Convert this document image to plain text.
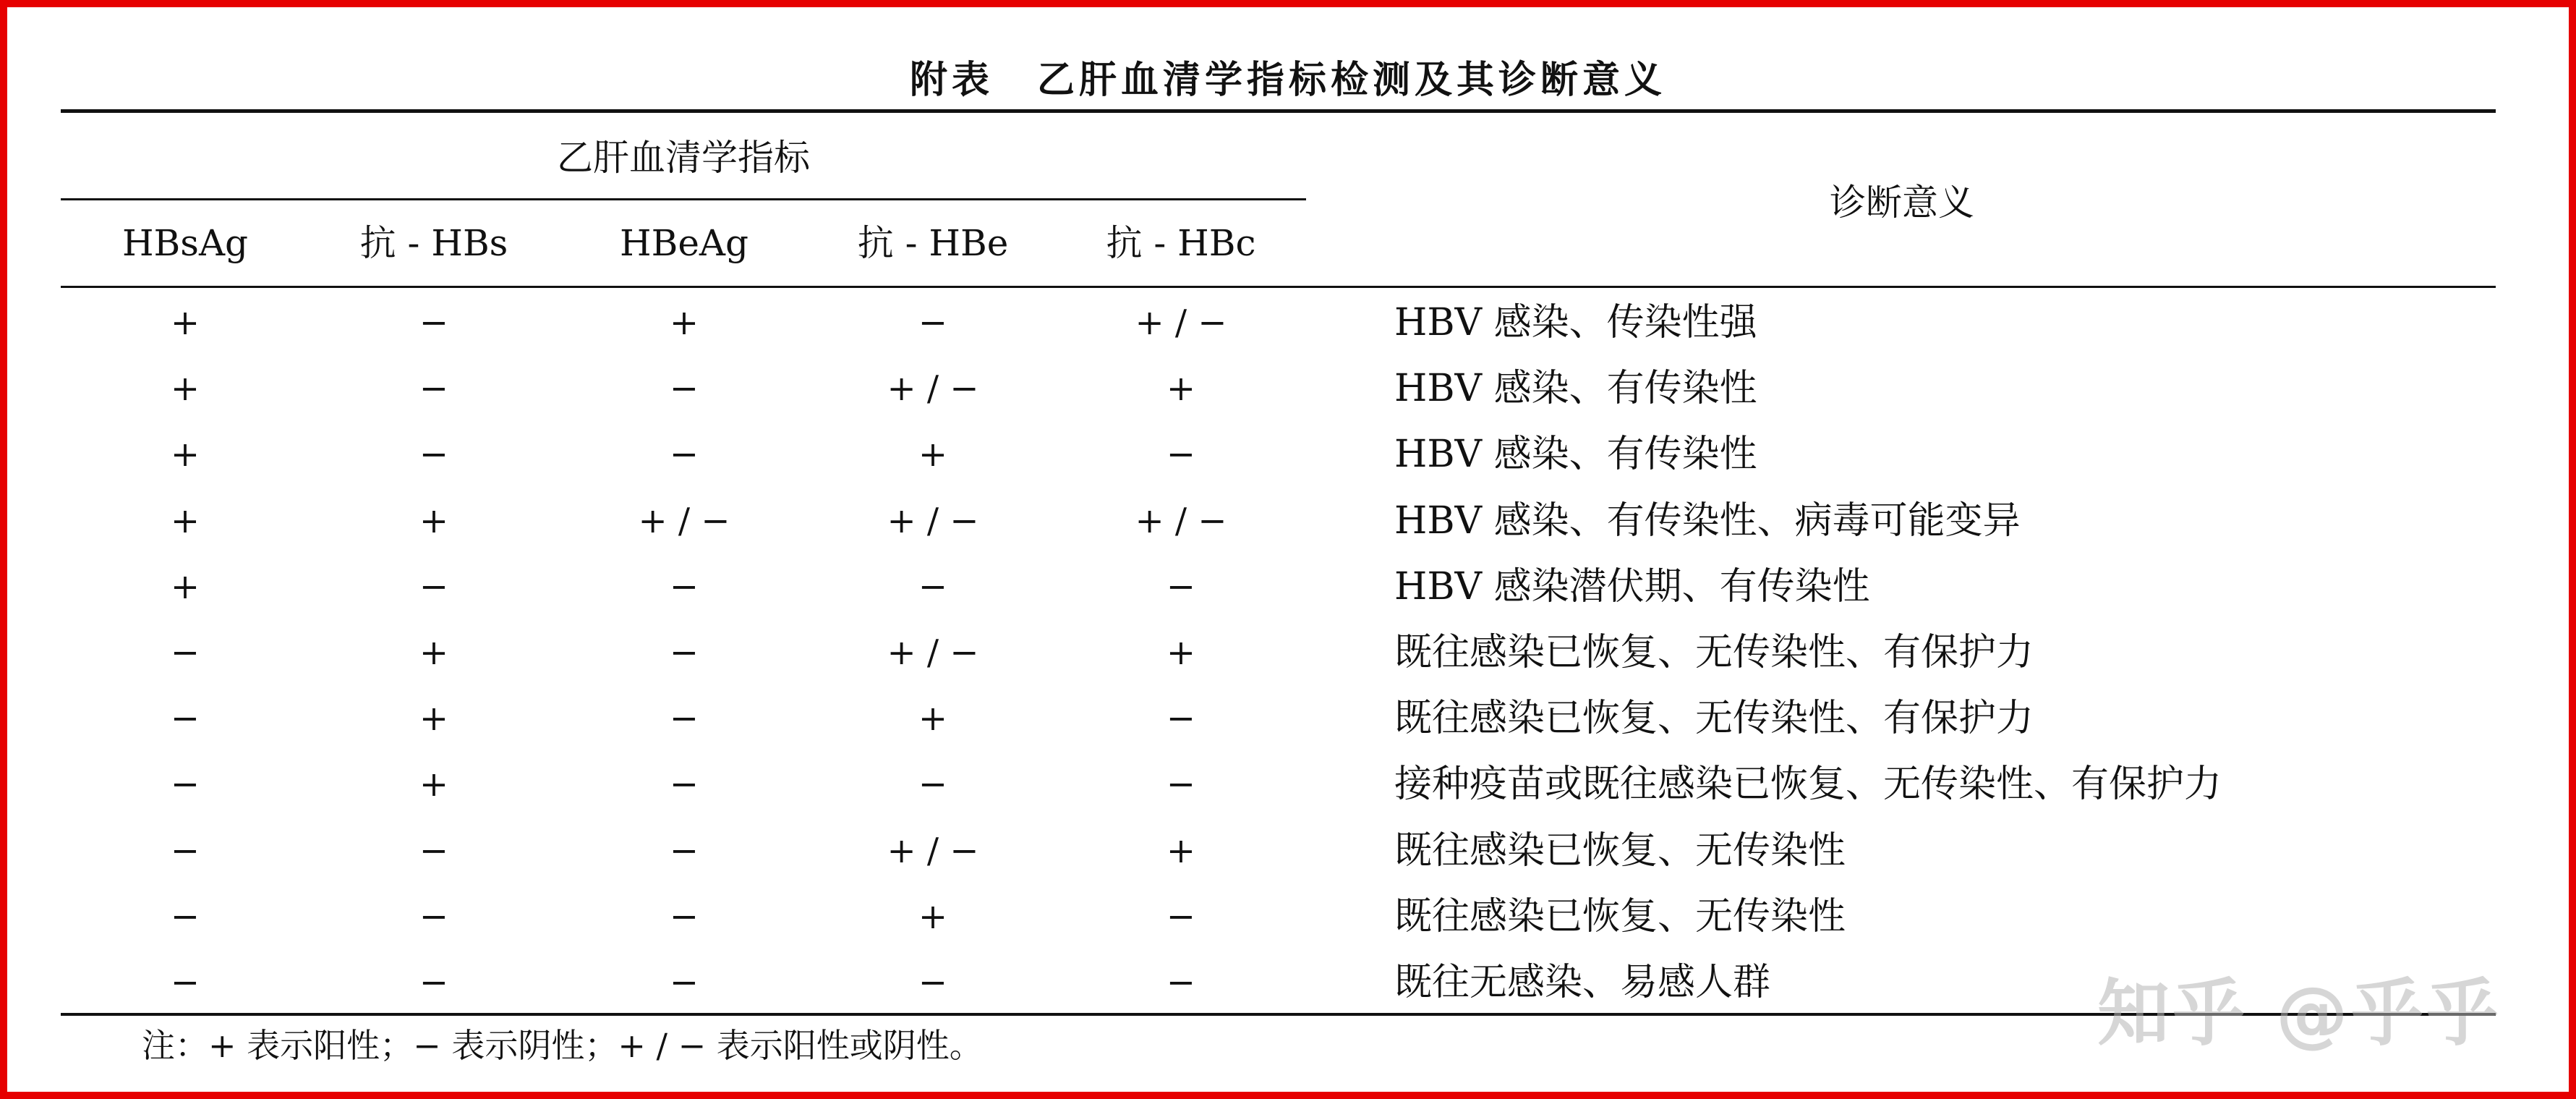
附表 乙肝血清学指标检测及其诊断意义
乙肝血清学指标
诊断意义
HBsAg	抗 - HBs	HBeAg	抗 - HBe	抗 - HBc
+	−	+	−	+ / −	HBV 感染、传染性强
+	−	−	+ / −	+	HBV 感染、有传染性
+	−	−	+	−	HBV 感染、有传染性
+	+	+ / −	+ / −	+ / −	HBV 感染、有传染性、病毒可能变异
+	−	−	−	−	HBV 感染潜伏期、有传染性
−	+	−	+ / −	+	既往感染已恢复、无传染性、有保护力
−	+	−	+	−	既往感染已恢复、无传染性、有保护力
−	+	−	−	−	接种疫苗或既往感染已恢复、无传染性、有保护力
−	−	−	+ / −	+	既往感染已恢复、无传染性
−	−	−	+	−	既往感染已恢复、无传染性
−	−	−	−	−	既往无感染、易感人群
注：+ 表示阳性；− 表示阴性；+ / − 表示阳性或阴性。	知乎 @乎乎
